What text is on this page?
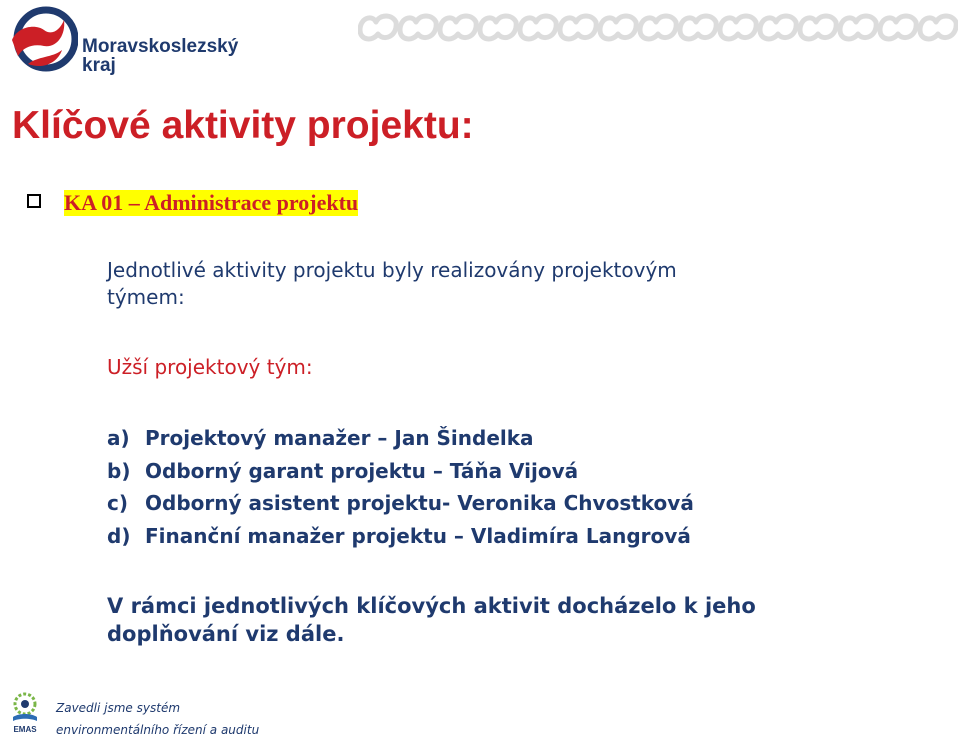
Moravskoslezský
kraj
Klíčové aktivity projektu:
KA 01 – Administrace projektu

Jednotlivé aktivity projektu byly realizovány projektovým
týmem:

Užší projektový tým:

a) Projektový manažer – Jan Šindelka
b) Odborný garant projektu – Táňa Vijová
c) Odborný asistent projektu- Veronika Chvostková
d) Finanční manažer projektu – Vladimíra Langrová

V rámci jednotlivých klíčových aktivit docházelo k jeho
doplňování viz dále.

EMAS
Zavedli jsme systém
environmentálního řízení a auditu
